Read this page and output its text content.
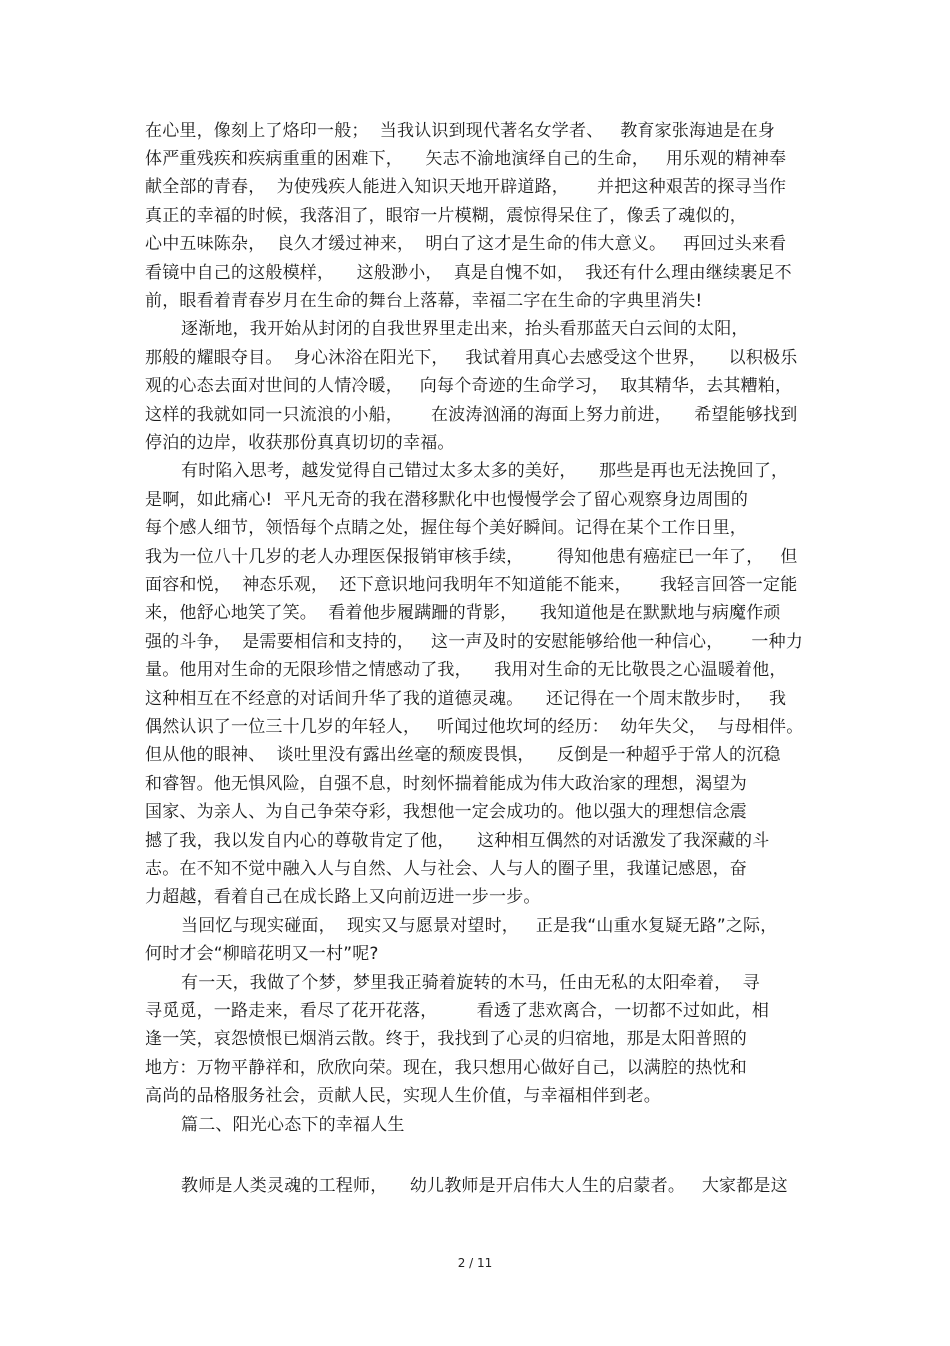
在心里，像刻上了烙印一般；  当我认识到现代著名女学者、   教育家张海迪是在身
体严重残疾和疾病重重的困难下，    矢志不渝地演绎自己的生命，   用乐观的精神奉
献全部的青春，  为使残疾人能进入知识天地开辟道路，     并把这种艰苦的探寻当作
真正的幸福的时候，我落泪了，眼帘一片模糊，震惊得呆住了，像丢了魂似的，
心中五味陈杂，  良久才缓过神来，  明白了这才是生命的伟大意义。   再回过头来看
看镜中自己的这般模样，    这般渺小，  真是自愧不如，  我还有什么理由继续裹足不
前，眼看着青春岁月在生命的舞台上落幕，幸福二字在生命的字典里消失!
逐渐地，我开始从封闭的自我世界里走出来，抬头看那蓝天白云间的太阳，
那般的耀眼夺目。  身心沐浴在阳光下，   我试着用真心去感受这个世界，    以积极乐
观的心态去面对世间的人情冷暖，   向每个奇迹的生命学习，  取其精华，去其糟粕，
这样的我就如同一只流浪的小船，     在波涛汹涌的海面上努力前进，    希望能够找到
停泊的边岸，收获那份真真切切的幸福。
有时陷入思考，越发觉得自己错过太多太多的美好，    那些是再也无法挽回了，
是啊，如此痛心!  平凡无奇的我在潜移默化中也慢慢学会了留心观察身边周围的
每个感人细节，领悟每个点睛之处，握住每个美好瞬间。记得在某个工作日里，
我为一位八十几岁的老人办理医保报销审核手续，      得知他患有癌症已一年了，   但
面容和悦，  神态乐观，  还下意识地问我明年不知道能不能来，     我轻言回答一定能
来，他舒心地笑了笑。  看着他步履蹒跚的背影，    我知道他是在默默地与病魔作顽
强的斗争，  是需要相信和支持的，   这一声及时的安慰能够给他一种信心，     一种力
量。他用对生命的无限珍惜之情感动了我，    我用对生命的无比敬畏之心温暖着他，
这种相互在不经意的对话间升华了我的道德灵魂。    还记得在一个周末散步时，   我
偶然认识了一位三十几岁的年轻人，   听闻过他坎坷的经历：  幼年失父，  与母相伴。
但从他的眼神、  谈吐里没有露出丝毫的颓废畏惧，    反倒是一种超乎于常人的沉稳
和睿智。他无惧风险，自强不息，时刻怀揣着能成为伟大政治家的理想，渴望为
国家、为亲人、为自己争荣夺彩，我想他一定会成功的。他以强大的理想信念震
撼了我，我以发自内心的尊敬肯定了他，    这种相互偶然的对话激发了我深藏的斗
志。在不知不觉中融入人与自然、人与社会、人与人的圈子里，我谨记感恩，奋
力超越，看着自己在成长路上又向前迈进一步一步。
当回忆与现实碰面，  现实又与愿景对望时，   正是我“山重水复疑无路”之际，
何时才会“柳暗花明又一村”呢?
有一天，我做了个梦，梦里我正骑着旋转的木马，任由无私的太阳牵着，  寻
寻觅觅，一路走来，看尽了花开花落，       看透了悲欢离合，一切都不过如此，相
逢一笑，哀怨愤恨已烟消云散。终于，我找到了心灵的归宿地，那是太阳普照的
地方：万物平静祥和，欣欣向荣。现在，我只想用心做好自己，以满腔的热忱和
高尚的品格服务社会，贡献人民，实现人生价值，与幸福相伴到老。
篇二、阳光心态下的幸福人生
教师是人类灵魂的工程师，    幼儿教师是开启伟大人生的启蒙者。   大家都是这
2 / 11
